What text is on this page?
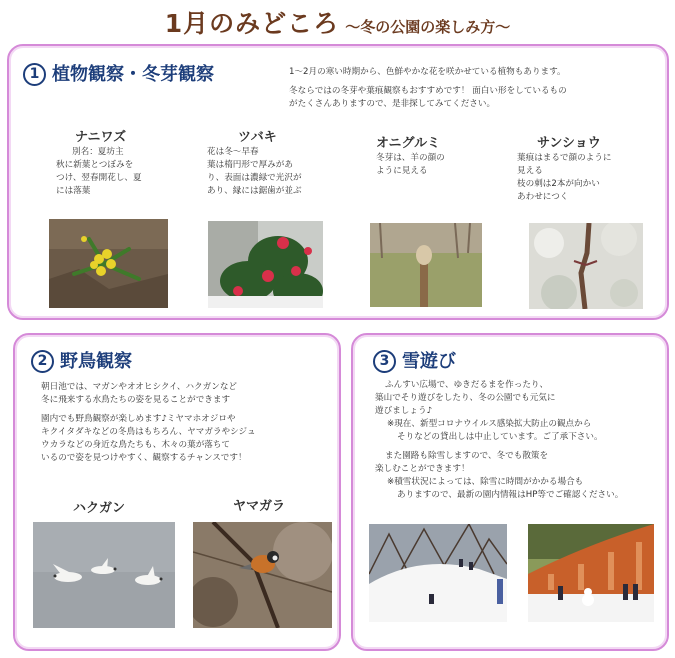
1月のみどころ ～冬の公園の楽しみ方～
1 植物観察・冬芽観察	1～2月の寒い時期から、色鮮やかな花を咲かせている植物もあります。

冬ならではの冬芽や葉痕観察もおすすめです！ 面白い形をしているもの

がたくさんありますので、是非探してみてください。

ナニワズ

別名：夏坊主

秋に新葉とつぼみを

つけ、翌春開花し、夏

には落葉

ツバキ

花は冬～早春

葉は楕円形で厚みがあ

り、表面は濃緑で光沢が

あり、縁には鋸歯が並ぶ

オニグルミ

冬芽は、羊の顔の

ように見える

サンショウ

葉痕はまるで顔のように

見える

枝の刺は2本が向かい

あわせにつく

2 野鳥観察

朝日池では、マガンやオオヒシクイ、ハクガンなど

冬に飛来する水鳥たちの姿を見ることができます

園内でも野鳥観察が楽しめます♪ミヤマホオジロや

キクイタダキなどの冬鳥はもちろん、ヤマガラやシジュ

ウカラなどの身近な鳥たちも、木々の葉が落ちて

いるので姿を見つけやすく、観察するチャンスです！

ハクガン	ヤマガラ
3 雪遊び

ふんすい広場で、ゆきだるまを作ったり、

築山でそり遊びをしたり、冬の公園でも元気に

遊びましょう♪

※現在、新型コロナウイルス感染拡大防止の観点から

そりなどの貸出しは中止しています。ご了承下さい。

また園路も除雪しますので、冬でも散策を

楽しむことができます！

※積雪状況によっては、除雪に時間がかかる場合も

ありますので、最新の園内情報はHP等でご確認ください。
